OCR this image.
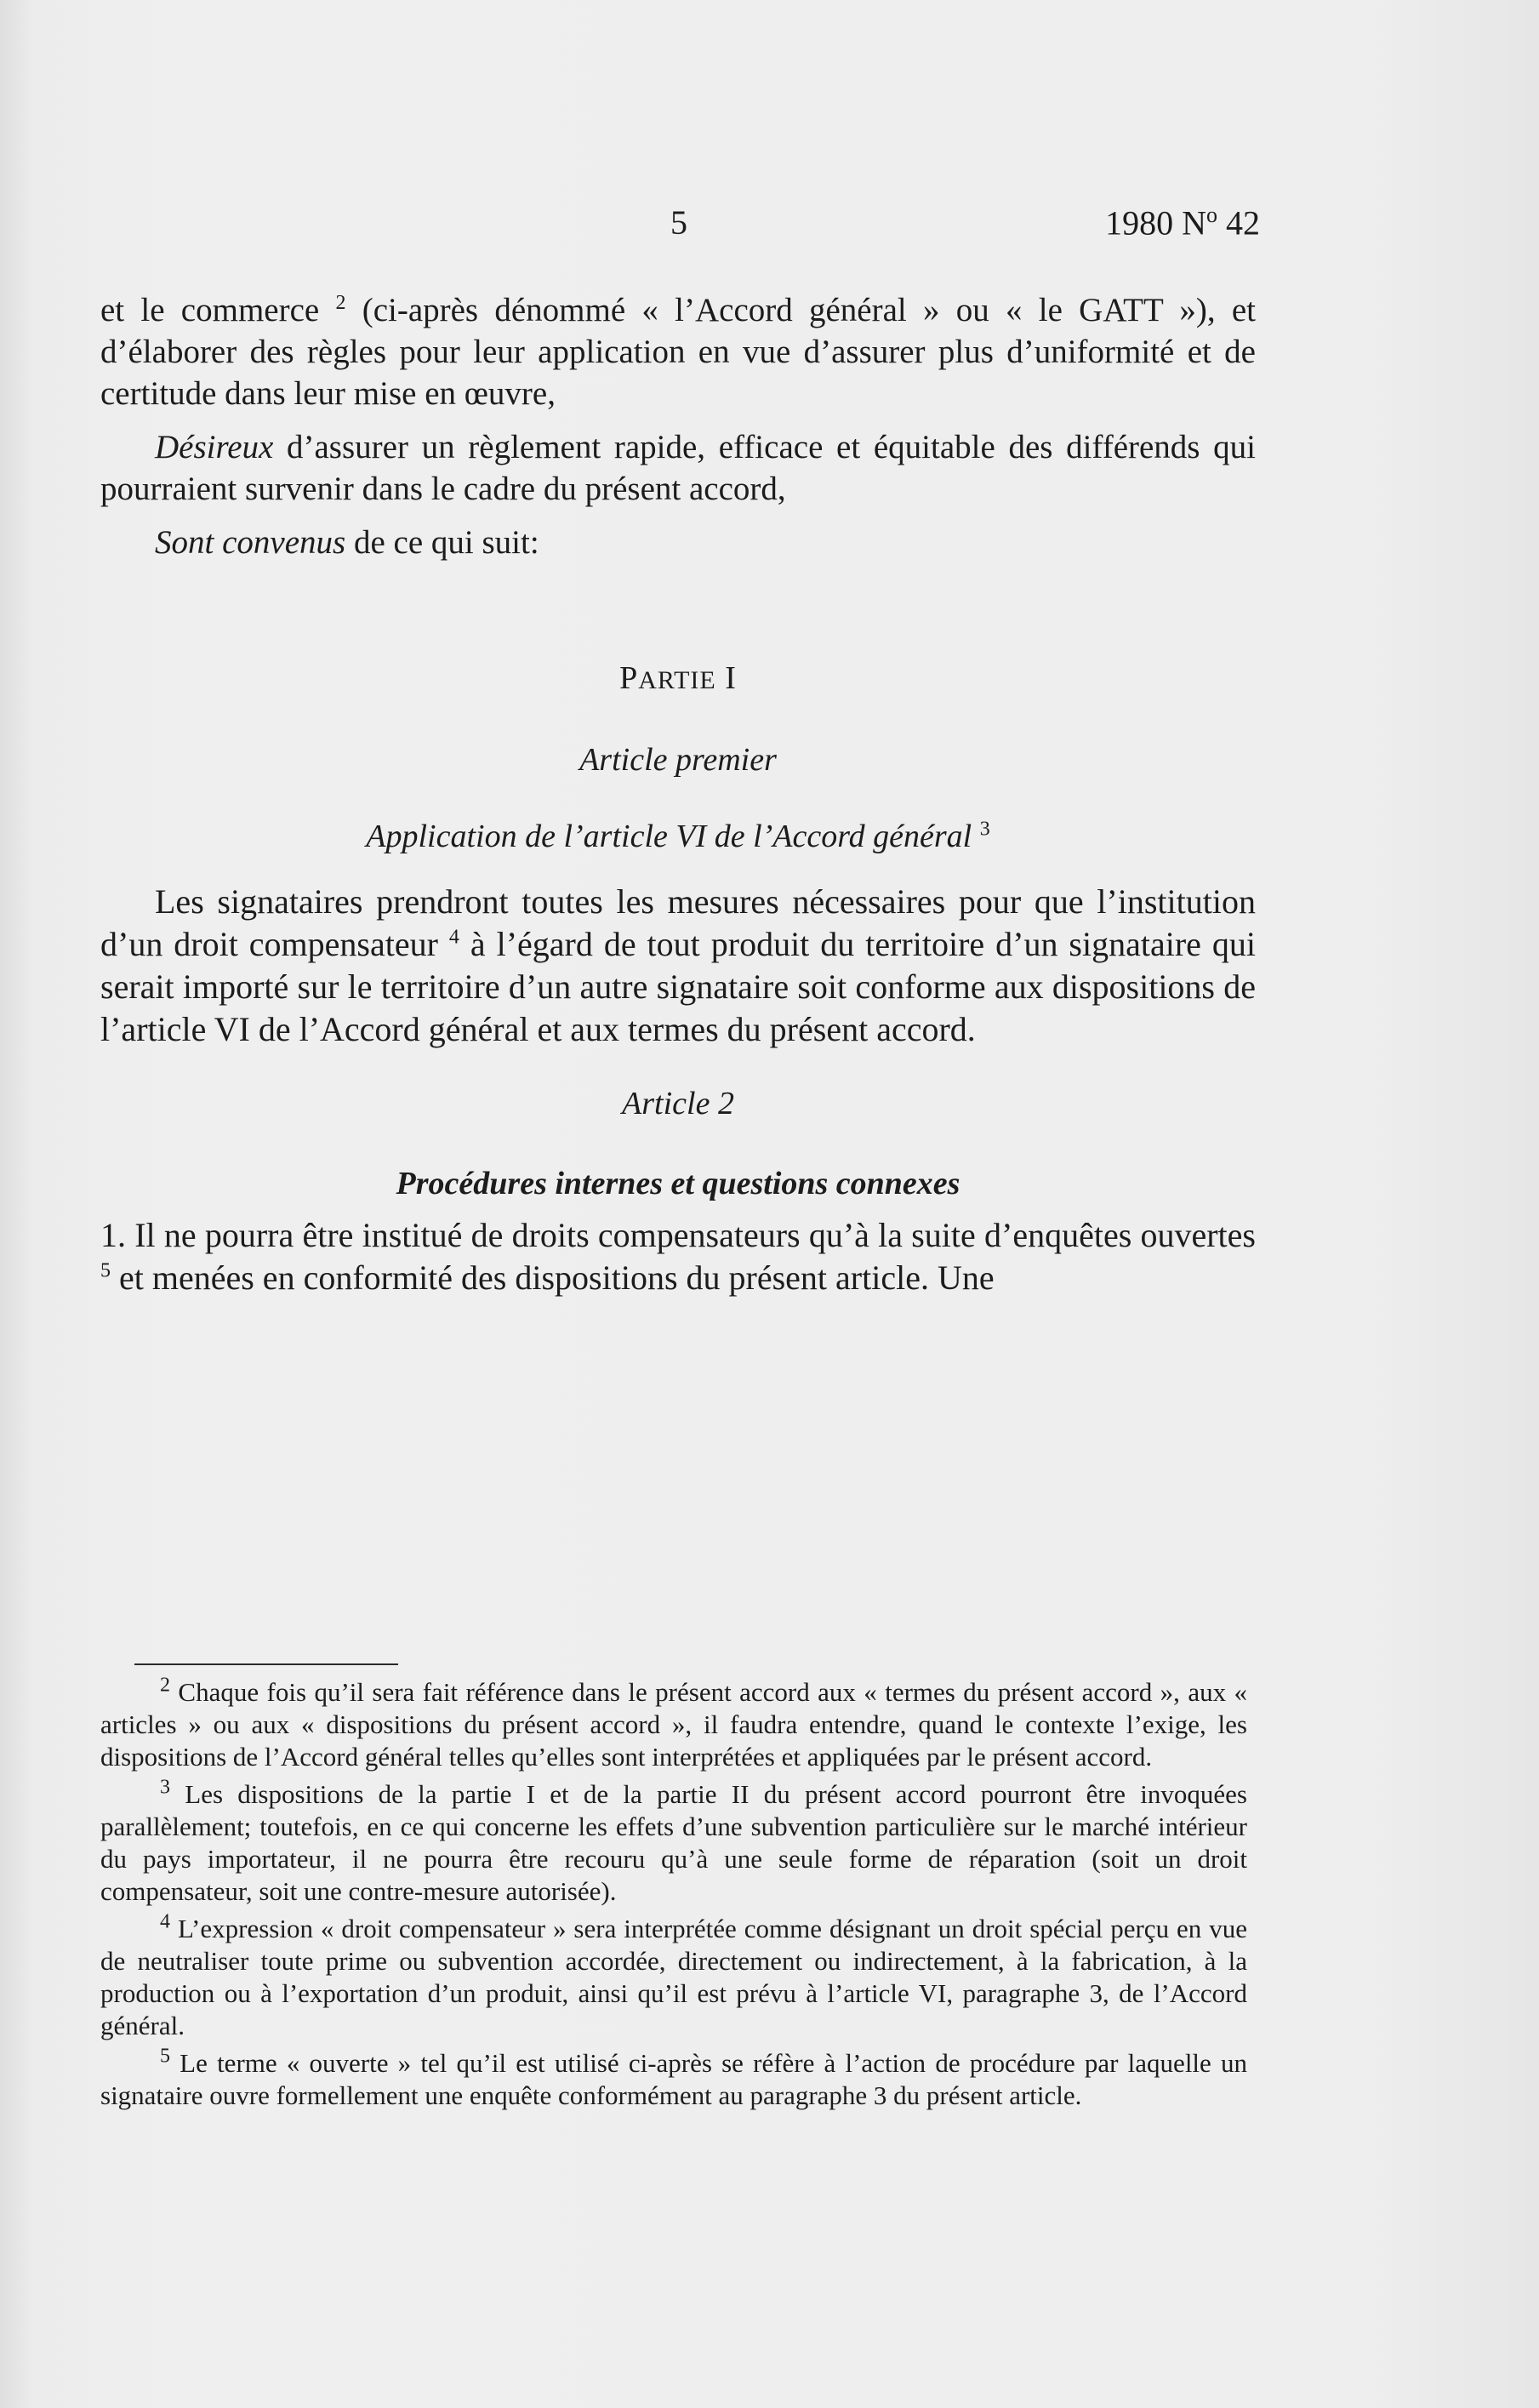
5	1980 $N^o$ 42

et le commerce $^2$ (ci-après dénommé « l’Accord général » ou « le GATT »), et d’élaborer des règles pour leur application en vue d’assurer plus d’uniformité et de certitude dans leur mise en œuvre,

Désireux d’assurer un règlement rapide, efficace et équitable des différends qui pourraient survenir dans le cadre du présent accord,

Sont convenus de ce qui suit:

PARTIE I

Article premier

Application de l’article VI de l’Accord général $^3$

Les signataires prendront toutes les mesures nécessaires pour que l’institution d’un droit compensateur $^4$ à l’égard de tout produit du territoire d’un signataire qui serait importé sur le territoire d’un autre signataire soit conforme aux dispositions de l’article VI de l’Accord général et aux termes du présent accord.

Article 2

Procédures internes et questions connexes

1. Il ne pourra être institué de droits compensateurs qu’à la suite d’enquêtes ouvertes $^5$ et menées en conformité des dispositions du présent article. Une

$^2$ Chaque fois qu’il sera fait référence dans le présent accord aux « termes du présent accord », aux « articles » ou aux « dispositions du présent accord », il faudra entendre, quand le contexte l’exige, les dispositions de l’Accord général telles qu’elles sont interprétées et appliquées par le présent accord.

$^3$ Les dispositions de la partie I et de la partie II du présent accord pourront être invoquées parallèlement; toutefois, en ce qui concerne les effets d’une subvention particulière sur le marché intérieur du pays importateur, il ne pourra être recouru qu’à une seule forme de réparation (soit un droit compensateur, soit une contre-mesure autorisée).

$^4$ L’expression « droit compensateur » sera interprétée comme désignant un droit spécial perçu en vue de neutraliser toute prime ou subvention accordée, directement ou indirectement, à la fabrication, à la production ou à l’exportation d’un produit, ainsi qu’il est prévu à l’article VI, paragraphe 3, de l’Accord général.

$^5$ Le terme « ouverte » tel qu’il est utilisé ci-après se réfère à l’action de procédure par laquelle un signataire ouvre formellement une enquête conformément au paragraphe 3 du présent article.
